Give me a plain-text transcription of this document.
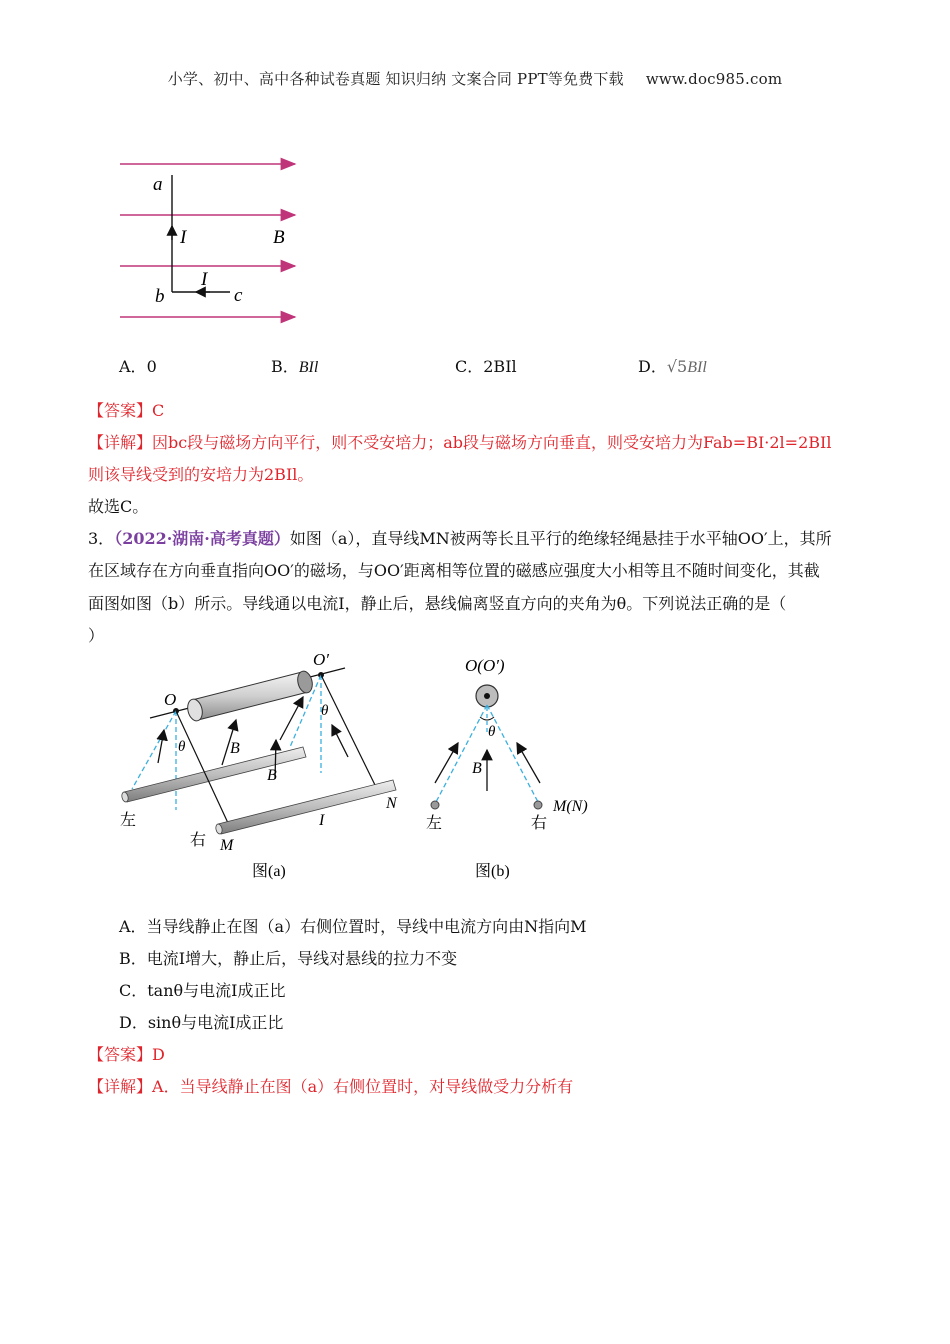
小学、初中、高中各种试卷真题 知识归纳 文案合同 PPT等免费下载 www.doc985.com
a
I	B
I
b	c
A．0	B．BIl	C．2BIl	D．√5BIl
【答案】C
【详解】因bc段与磁场方向平行，则不受安培力；ab段与磁场方向垂直，则受安培力为Fab=BI·2l=2BIl
则该导线受到的安培力为2BIl。
故选C。
3．（2022·湖南·高考真题）如图（a），直导线MN被两等长且平行的绝缘轻绳悬挂于水平轴OO′上，其所
在区域存在方向垂直指向OO′的磁场，与OO′距离相等位置的磁感应强度大小相等且不随时间变化，其截
面图如图（b）所示。导线通以电流I，静止后，悬线偏离竖直方向的夹角为θ。下列说法正确的是（
）
O
O′
θ
θ
B
B
N
I
M
左
右
图(a)
O(O′)
θ
B
左
M(N)
右
图(b)
A．当导线静止在图（a）右侧位置时，导线中电流方向由N指向M
B．电流I增大，静止后，导线对悬线的拉力不变
C．tanθ与电流I成正比
D．sinθ与电流I成正比
【答案】D
【详解】A．当导线静止在图（a）右侧位置时，对导线做受力分析有
